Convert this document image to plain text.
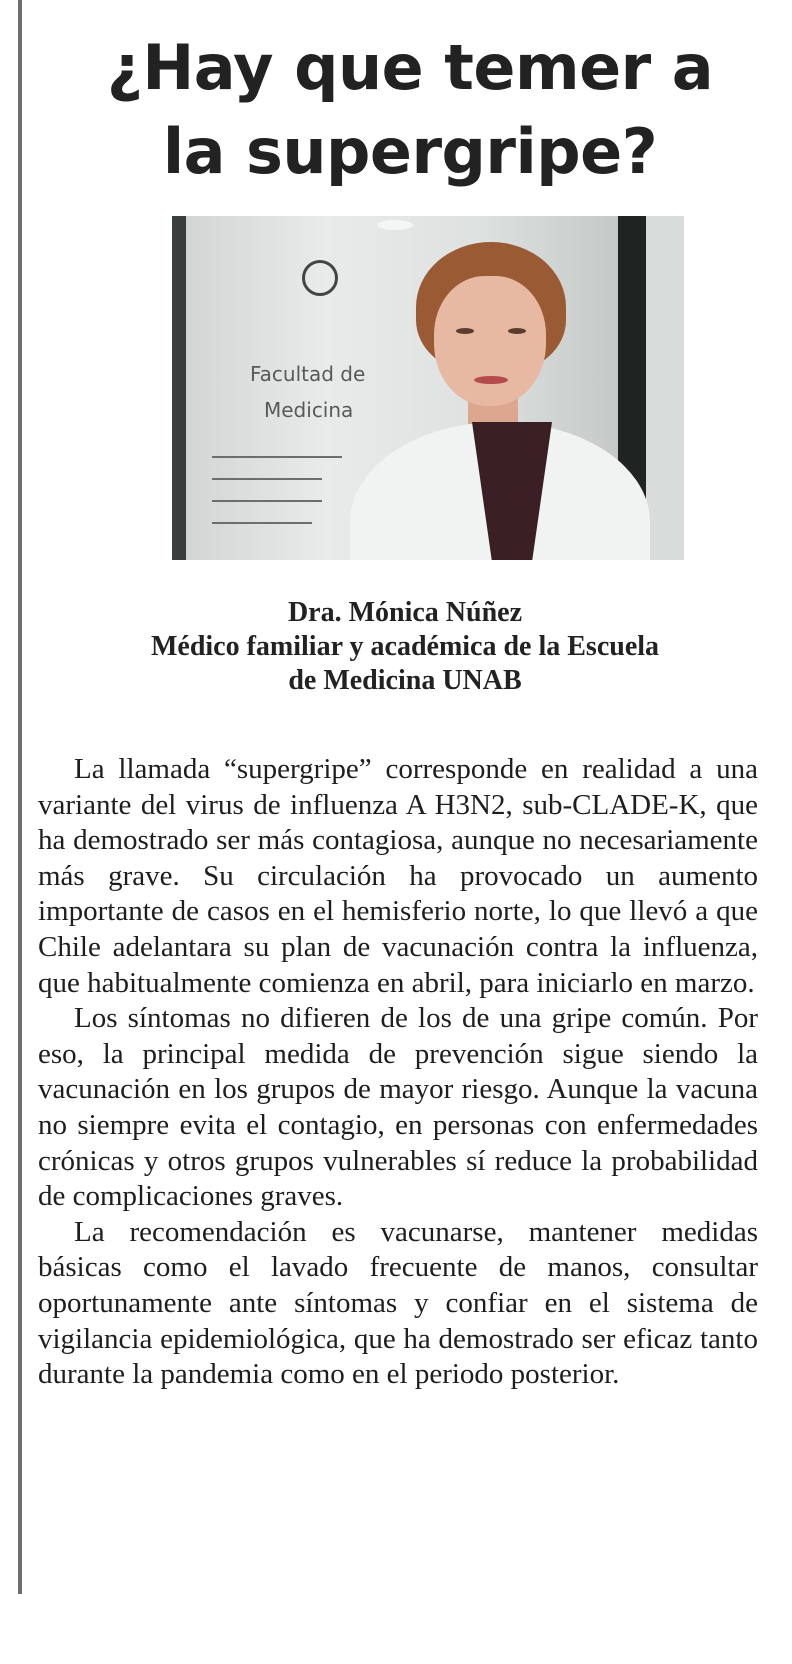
¿Hay que temer a
la supergripe?
Facultad de
Medicina
Dra. Mónica Núñez
Médico familiar y académica de la Escuela
de Medicina UNAB

La llamada “supergripe” corresponde en realidad a una variante del virus de influenza A H3N2, sub-CLADE-K, que ha demostrado ser más contagiosa, aunque no necesariamente más grave. Su circulación ha provocado un aumento importante de casos en el hemisferio norte, lo que llevó a que Chile adelantara su plan de vacunación contra la influenza, que habitualmente comienza en abril, para iniciarlo en marzo.

Los síntomas no difieren de los de una gripe común. Por eso, la principal medida de prevención sigue siendo la vacunación en los grupos de mayor riesgo. Aunque la vacuna no siempre evita el contagio, en personas con enfermedades crónicas y otros grupos vulnerables sí reduce la probabilidad de complicaciones graves.

La recomendación es vacunarse, mantener medidas básicas como el lavado frecuente de manos, consultar oportunamente ante síntomas y confiar en el sistema de vigilancia epidemiológica, que ha demostrado ser eficaz tanto durante la pandemia como en el periodo posterior.
